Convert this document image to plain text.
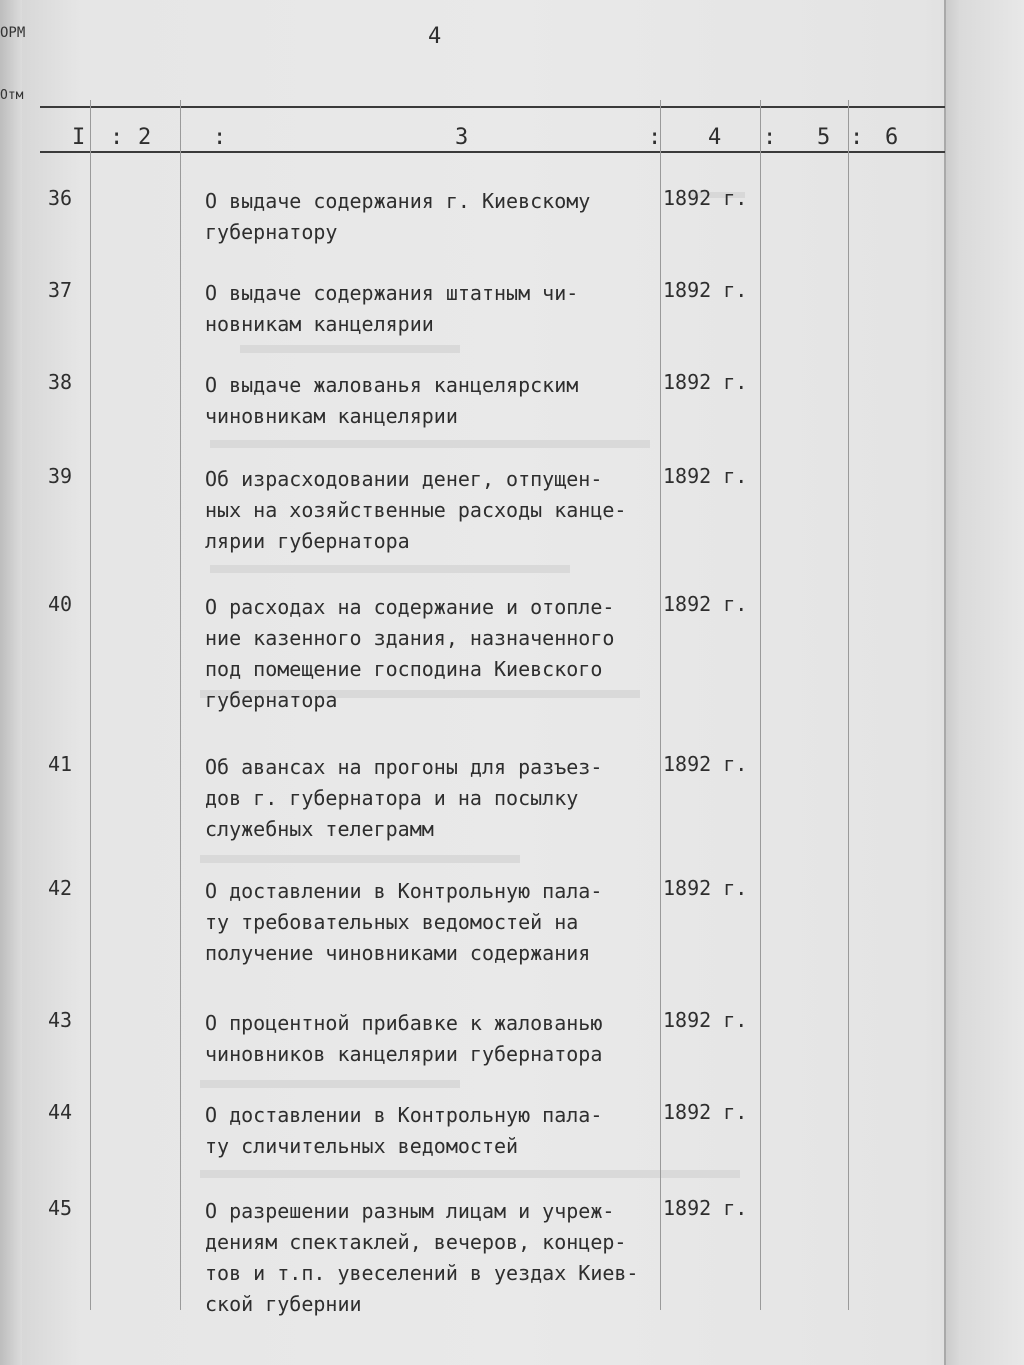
ОРМ
Отм
4
I : 2	:	3	: 4 : 5 : 6
36	О выдаче содержания г. Киевскому
губернатору
1892 г.
37	О выдаче содержания штатным чи-
новникам канцелярии
1892 г.
38	О выдаче жалованья канцелярским
чиновникам канцелярии
1892 г.
39	Об израсходовании денег, отпущен-
ных на хозяйственные расходы канце-
лярии губернатора
1892 г.
40	О расходах на содержание и отопле-
ние казенного здания, назначенного
под помещение господина Киевского
губернатора
1892 г.
41	Об авансах на прогоны для разъез-
дов г. губернатора и на посылку
служебных телеграмм
1892 г.
42	О доставлении в Контрольную пала-
ту требовательных ведомостей на
получение чиновниками содержания
1892 г.
43	О процентной прибавке к жалованью
чиновников канцелярии губернатора
1892 г.
44	О доставлении в Контрольную пала-
ту сличительных ведомостей
1892 г.
45	О разрешении разным лицам и учреж-
дениям спектаклей, вечеров, концер-
тов и т.п. увеселений в уездах Киев-
ской губернии
1892 г.
